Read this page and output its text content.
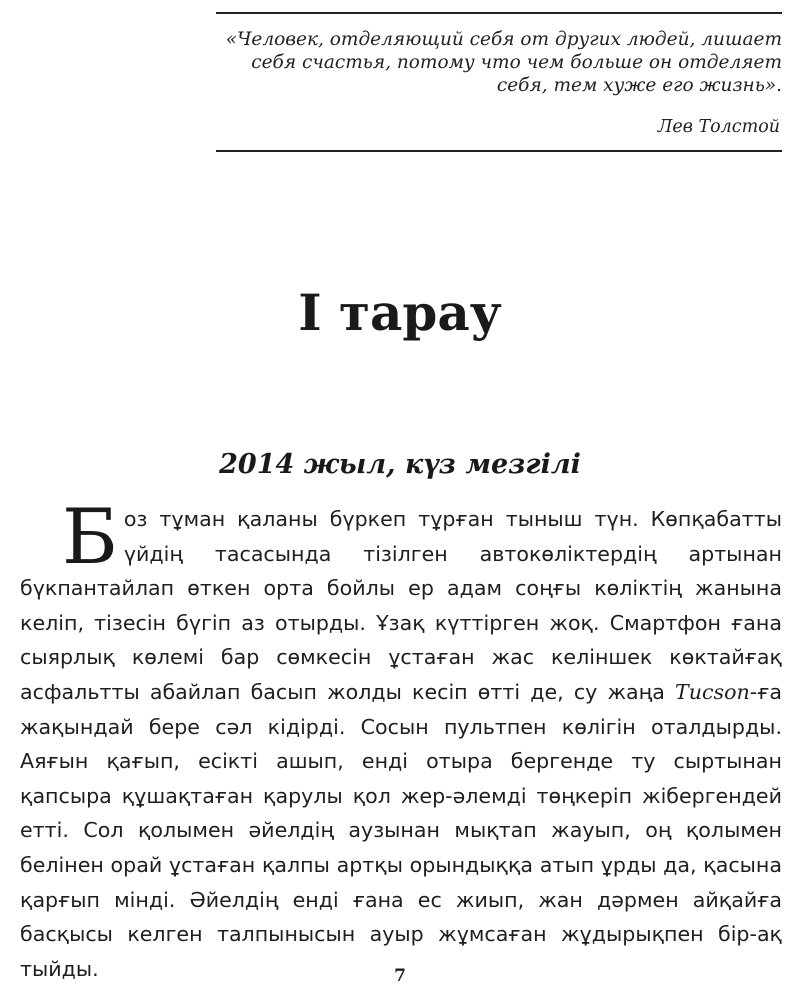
«Человек, отделяющий себя от других людей, лишает себя счастья, потому что чем больше он отделяет себя, тем хуже его жизнь».

Лев Толстой
I тарау
2014 жыл, күз мезгілі

Боз тұман қаланы бүркеп тұрған тыныш түн. Көпқабатты үйдің тасасында тізілген автокөліктердің артынан бүкпантайлап өткен орта бойлы ер адам соңғы көліктің жанына келіп, тізесін бүгіп аз отырды. Ұзақ күттірген жоқ. Смартфон ғана сыярлық көлемі бар сөмкесін ұстаған жас келіншек көктайғақ асфальтты абайлап басып жолды кесіп өтті де, су жаңа Tucson-ға жақындай бере сәл кідірді. Сосын пультпен көлігін оталдырды. Аяғын қағып, есікті ашып, енді отыра бергенде ту сыртынан қапсыра құшақтаған қарулы қол жер-әлемді төңкеріп жібергендей етті. Сол қолымен әйелдің аузынан мықтап жауып, оң қолымен белінен орай ұстаған қалпы артқы орындыққа атып ұрды да, қасына қарғып мінді. Әйелдің енді ғана ес жиып, жан дәрмен айқайға басқысы келген талпынысын ауыр жұмсаған жұдырықпен бір-ақ тыйды.	7
